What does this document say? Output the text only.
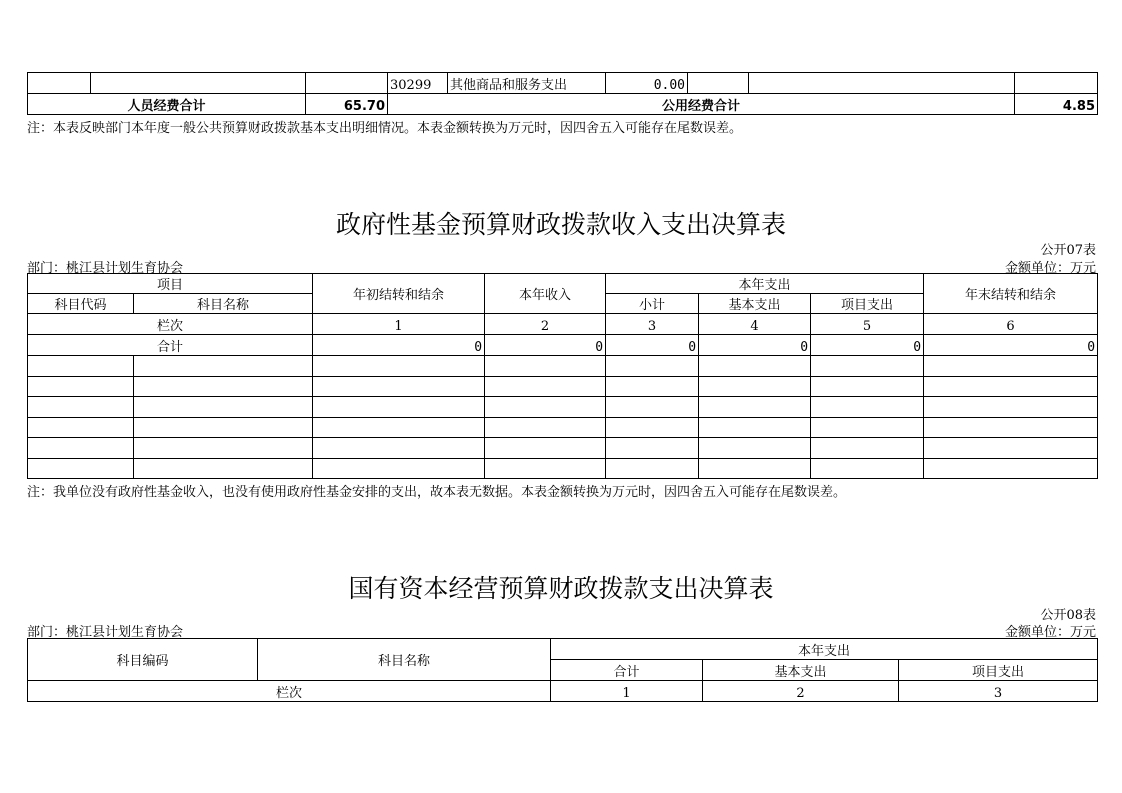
			30299	其他商品和服务支出	0.00			
人员经费合计		65.70	公用经费合计					4.85
注：本表反映部门本年度一般公共预算财政拨款基本支出明细情况。本表金额转换为万元时，因四舍五入可能存在尾数误差。
政府性基金预算财政拨款收入支出决算表
公开07表
部门：桃江县计划生育协会	金额单位：万元
项目		年初结转和结余	本年收入	本年支出			年末结转和结余
科目代码	科目名称			小计	基本支出	项目支出	
栏次		1	2	3	4	5	6
合计		0	0	0	0	0	0

注：我单位没有政府性基金收入，也没有使用政府性基金安排的支出，故本表无数据。本表金额转换为万元时，因四舍五入可能存在尾数误差。
国有资本经营预算财政拨款支出决算表
公开08表
部门：桃江县计划生育协会	金额单位：万元
科目编码	科目名称	本年支出		
		合计	基本支出	项目支出
栏次		1	2	3
